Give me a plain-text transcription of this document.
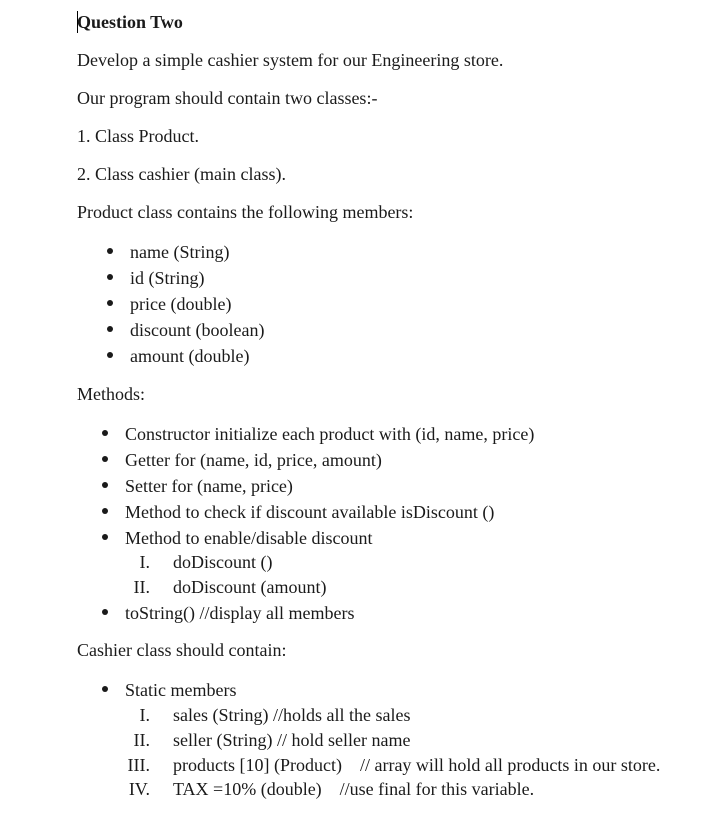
Question Two
Develop a simple cashier system for our Engineering store.
Our program should contain two classes:-
1. Class Product.
2. Class cashier (main class).
Product class contains the following members:
name (String)
id (String)
price (double)
discount (boolean)
amount (double)
Methods:
Constructor initialize each product with (id, name, price)
Getter for (name, id, price, amount)
Setter for (name, price)
Method to check if discount available isDiscount ()
Method to enable/disable discount
I. doDiscount ()
II. doDiscount (amount)
toString() //display all members
Cashier class should contain:
Static members
I. sales (String) //holds all the sales
II. seller (String) // hold seller name
III. products [10] (Product)    // array will hold all products in our store.
IV. TAX =10% (double)    //use final for this variable.
